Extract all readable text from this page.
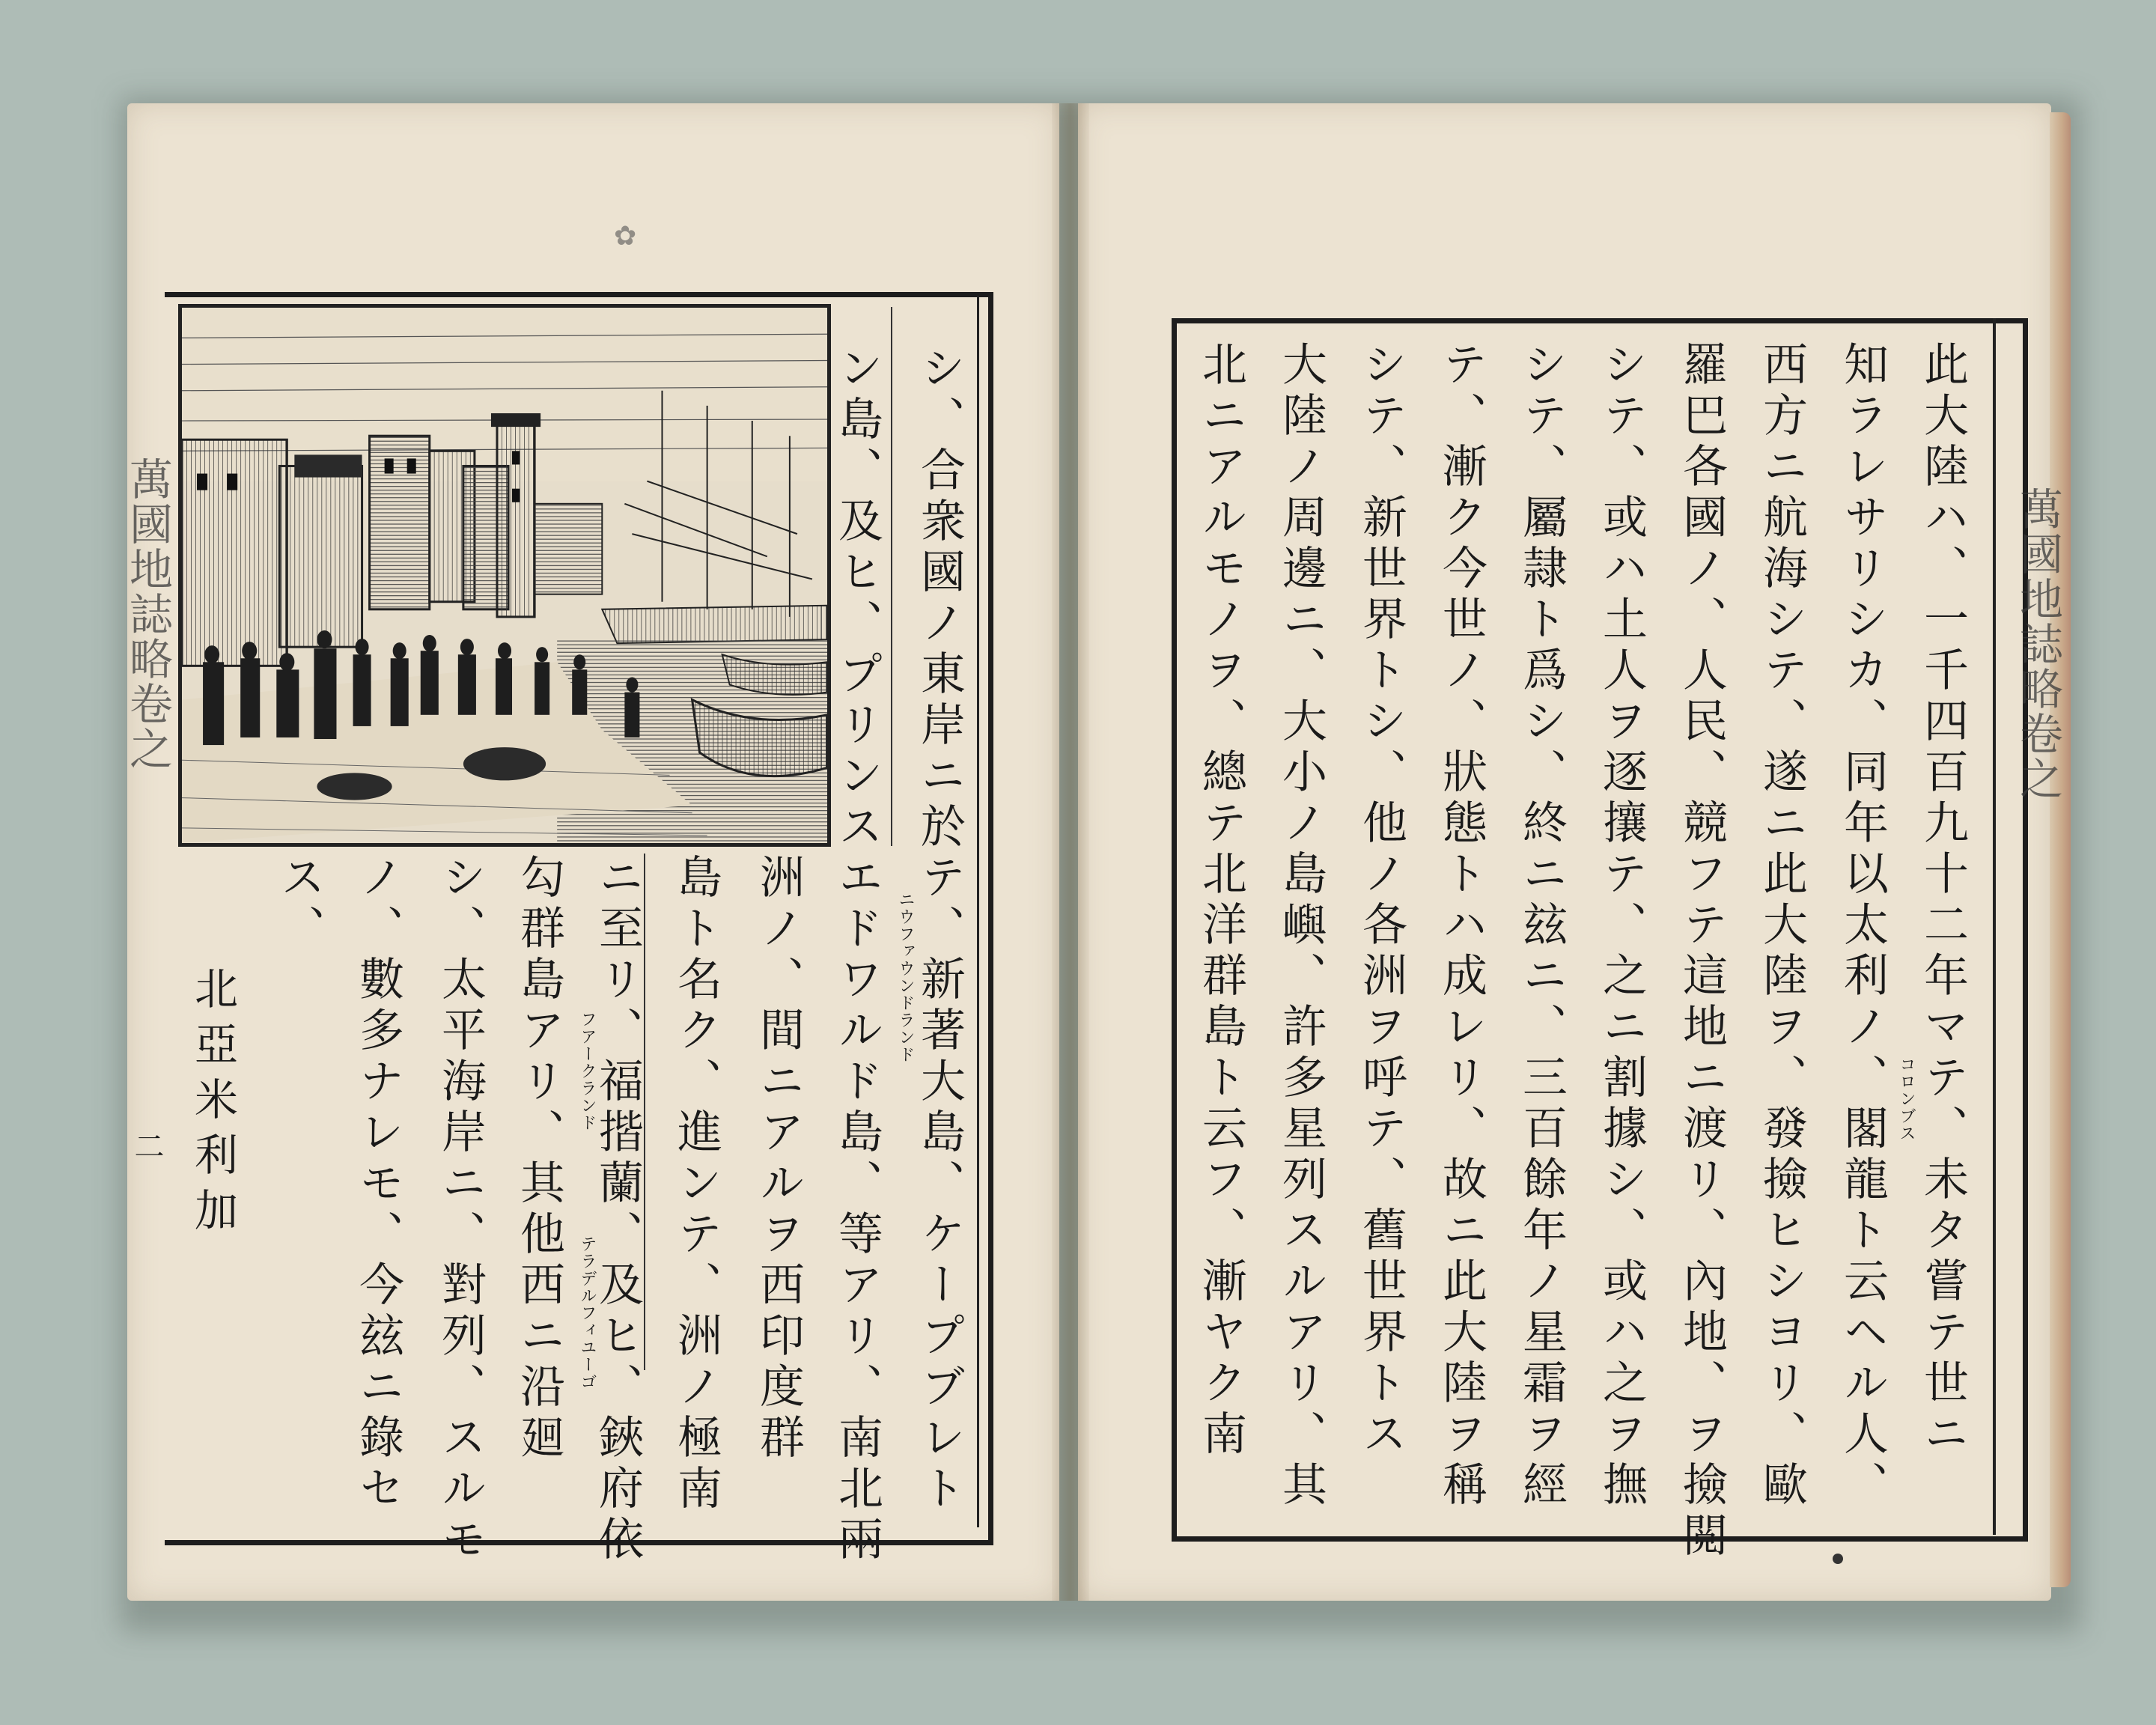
萬國地誌略卷之
二
✿
シ、合衆國ノ東岸ニ於テ、新著大島、ケープブレト
ン島、及ヒ、プリンスエドワルド島、等アリ、南北兩
洲ノ、間ニアルヲ西印度群
島ト名ク、進ンテ、洲ノ極南
ニ至リ、福揩蘭、及ヒ、鋏府依
勾群島アリ、其他西ニ沿廻
シ、太平海岸ニ、對列、スルモ
ノ、數多ナレモ、今玆ニ錄セ
ス、
北亞米利加	ニウファウンドランド
フアークランド
テラデルフィユーゴ
萬國地誌略卷之
此大陸ハ、一千四百九十二年マテ、未タ嘗テ世ニ
知ラレサリシカ、同年以太利ノ、閣龍ト云ヘル人、
西方ニ航海シテ、遂ニ此大陸ヲ、發撿ヒシヨリ、歐
羅巴各國ノ、人民、競フテ這地ニ渡リ、內地、ヲ撿閲
シテ、或ハ土人ヲ逐攘テ、之ニ割據シ、或ハ之ヲ撫
シテ、屬隷ト爲シ、終ニ玆ニ、三百餘年ノ星霜ヲ經
テ、漸ク今世ノ、狀態トハ成レリ、故ニ此大陸ヲ稱
シテ、新世界トシ、他ノ各洲ヲ呼テ、舊世界トス
大陸ノ周邊ニ、大小ノ島嶼、許多星列スルアリ、其
北ニアルモノヲ、總テ北洋群島ト云フ、漸ヤク南	コロンブス
